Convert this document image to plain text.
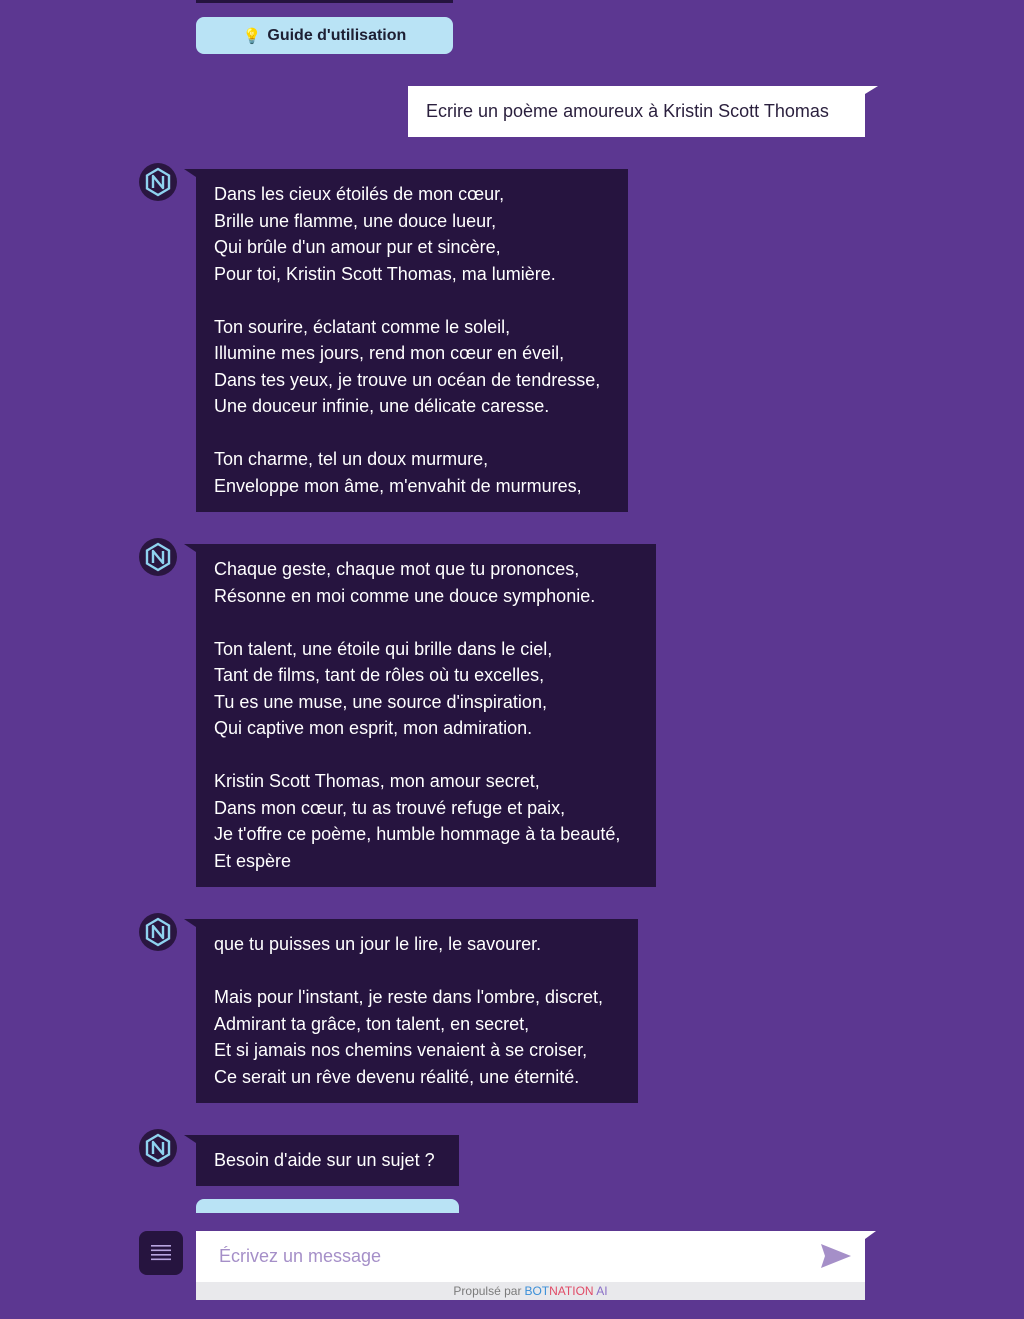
💡 Guide d'utilisation
Ecrire un poème amoureux à Kristin Scott Thomas
Dans les cieux étoilés de mon cœur,
Brille une flamme, une douce lueur,
Qui brûle d'un amour pur et sincère,
Pour toi, Kristin Scott Thomas, ma lumière.
Ton sourire, éclatant comme le soleil,
Illumine mes jours, rend mon cœur en éveil,
Dans tes yeux, je trouve un océan de tendresse,
Une douceur infinie, une délicate caresse.
Ton charme, tel un doux murmure,
Enveloppe mon âme, m'envahit de murmures,
Chaque geste, chaque mot que tu prononces,
Résonne en moi comme une douce symphonie.
Ton talent, une étoile qui brille dans le ciel,
Tant de films, tant de rôles où tu excelles,
Tu es une muse, une source d'inspiration,
Qui captive mon esprit, mon admiration.
Kristin Scott Thomas, mon amour secret,
Dans mon cœur, tu as trouvé refuge et paix,
Je t'offre ce poème, humble hommage à ta beauté,
Et espère
que tu puisses un jour le lire, le savourer.
Mais pour l'instant, je reste dans l'ombre, discret,
Admirant ta grâce, ton talent, en secret,
Et si jamais nos chemins venaient à se croiser,
Ce serait un rêve devenu réalité, une éternité.
Besoin d'aide sur un sujet ?
Écrivez un message
Propulsé par BOTNATION AI
